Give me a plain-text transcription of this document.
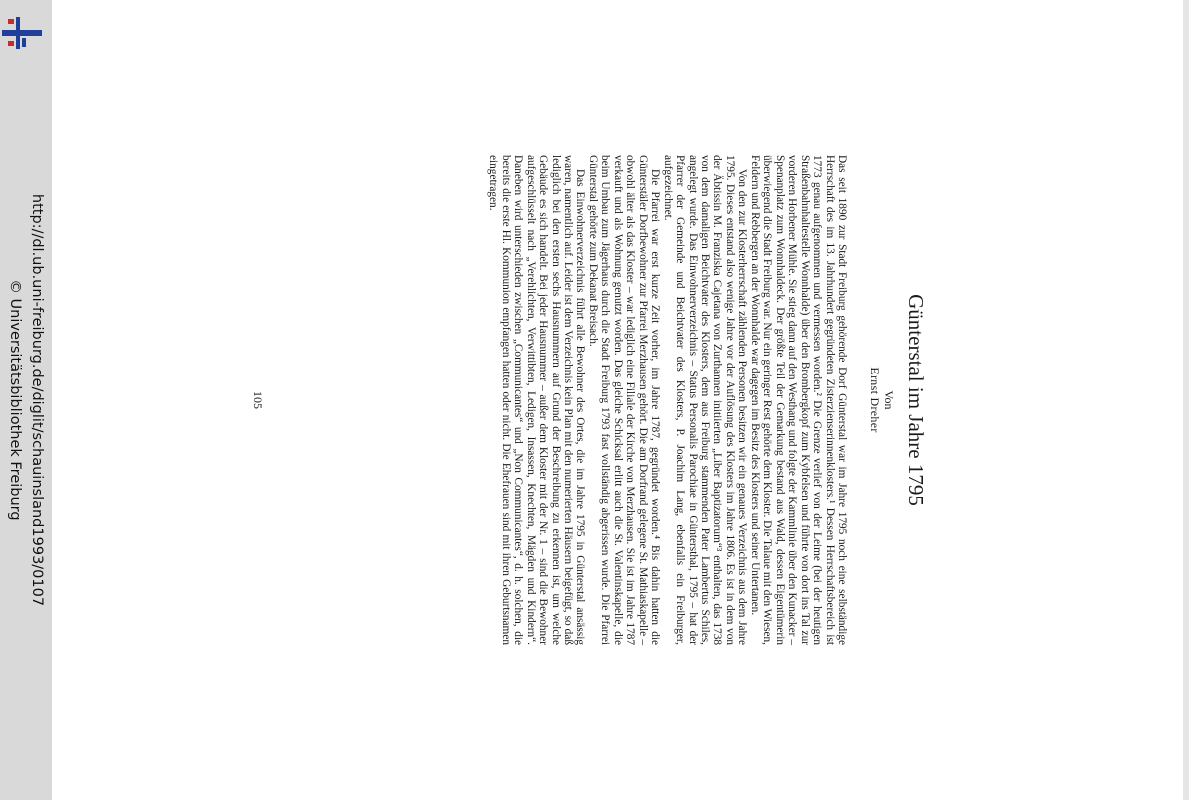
http://dl.ub.uni-freiburg.de/diglit/schauinsland1993/0107
© Universitätsbibliothek Freiburg	Günterstal im Jahre 1795
Von
Ernst Dreher

Das seit 1890 zur Stadt Freiburg gehörende Dorf Günterstal war im Jahre 1795 noch eine selbständige Herrschaft des im 13. Jahrhundert gegründeten Zisterzienserinnenklosters.¹ Dessen Herrschaftsbereich ist 1773 genau aufgenommen und vermessen worden.² Die Grenze verlief von der Leime (bei der heutigen Straßenbahnhaltestelle Wonnhalde) über den Brombergkopf zum Kybfelsen und führte von dort ins Tal zur vorderen Horbener Mühle. Sie stieg dann auf den Westhang und folgte der Kammlinie über den Kunacker – Spenanplatz zum Wonnhaldeck. Der größte Teil der Gemarkung bestand aus Wald, dessen Eigentümerin überwiegend die Stadt Freiburg war. Nur ein geringer Rest gehörte dem Kloster. Die Talaue mit den Wiesen, Feldern und Rebbergen an der Wonnhalde war dagegen im Besitz des Klosters und seiner Untertanen.

Von den zur Klosterherrschaft zählenden Personen besitzen wir ein genaues Verzeichnis aus dem Jahre 1795. Dieses entstand also wenige Jahre vor der Auflösung des Klosters im Jahre 1806. Es ist in dem von der Äbtissin M. Franziska Cajetana von Zurthannen initiierten „Liber Baptizatorum“³ enthalten, das 1738 von dem damaligen Beichtvater des Klosters, dem aus Freiburg stammenden Pater Lambertus Schiles, angelegt wurde. Das Einwohnerverzeichnis – Status Personalis Parochiae in Güntersthal, 1795 – hat der Pfarrer der Gemeinde und Beichtvater des Klosters, P. Joachim Lang, ebenfalls ein Freiburger, aufgezeichnet.

Die Pfarrei war erst kurze Zeit vorher, im Jahre 1787, gegründet worden.⁴ Bis dahin hatten die Günterstäler Dorfbewohner zur Pfarrei Merzhausen gehört. Die am Dorfrand gelegene St. Mathiaskapelle – obwohl älter als das Kloster – war lediglich eine Filiale der Kirche von Merzhausen. Sie ist im Jahre 1787 verkauft und als Wohnung genutzt worden. Das gleiche Schicksal erlitt auch die St. Valentinskapelle, die beim Umbau zum Jägerhaus durch die Stadt Freiburg 1793 fast vollständig abgerissen wurde. Die Pfarrei Günterstal gehörte zum Dekanat Breisach.

Das Einwohnerverzeichnis führt alle Bewohner des Ortes, die im Jahre 1795 in Günterstal ansässig waren, namentlich auf. Leider ist dem Verzeichnis kein Plan mit den numerierten Häusern beigefügt, so daß lediglich bei den ersten sechs Hausnummern auf Grund der Beschreibung zu erkennen ist, um welche Gebäude es sich handelt. Bei jeder Hausnummer – außer dem Kloster mit der Nr. 1 – sind die Bewohner aufgeschlüsselt nach „Verehlichten, Verwittibten, Ledigen, Insassen, Knechten, Mägden und Kindern“. Daneben wird unterschieden zwischen „Communicantes“ und „Non Communicantes“, d. h. solchen, die bereits die erste Hl. Kommunion empfangen hatten oder nicht. Die Ehefrauen sind mit ihren Geburtsnamen eingetragen.

105
